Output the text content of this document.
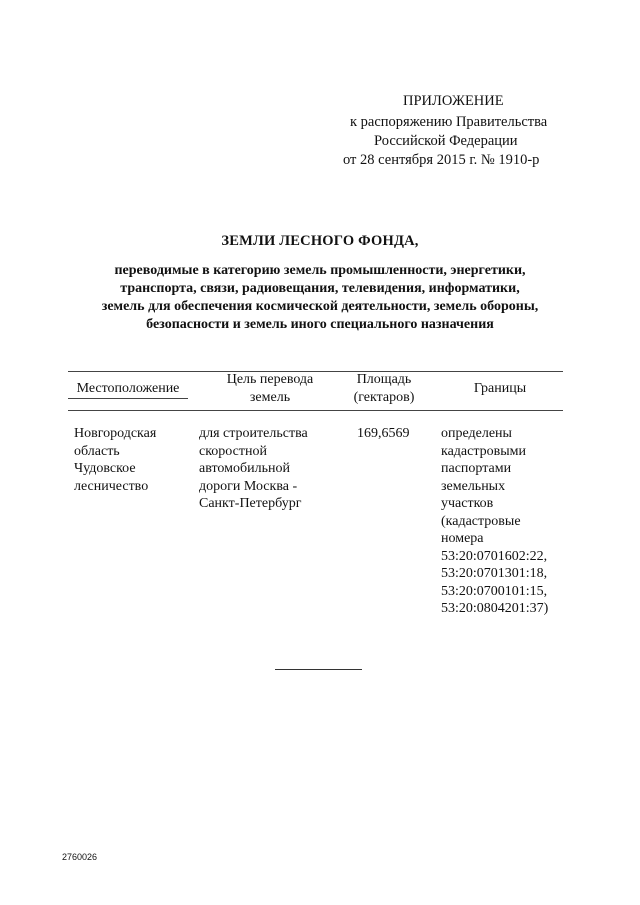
ПРИЛОЖЕНИЕ
к распоряжению Правительства
Российской Федерации
от 28 сентября 2015 г. № 1910-р
ЗЕМЛИ ЛЕСНОГО ФОНДА,
переводимые в категорию земель промышленности, энергетики,
транспорта, связи, радиовещания, телевидения, информатики,
земель для обеспечения космической деятельности, земель обороны,
безопасности и земель иного специального назначения
Местоположение
Цель перевода
земель
Площадь
(гектаров)
Границы
Новгородская
область
Чудовское
лесничество
для строительства
скоростной
автомобильной
дороги Москва -
Санкт-Петербург
169,6569 определены
кадастровыми
паспортами
земельных
участков
(кадастровые
номера
53:20:0701602:22,
53:20:0701301:18,
53:20:0700101:15,
53:20:0804201:37)
2760026
